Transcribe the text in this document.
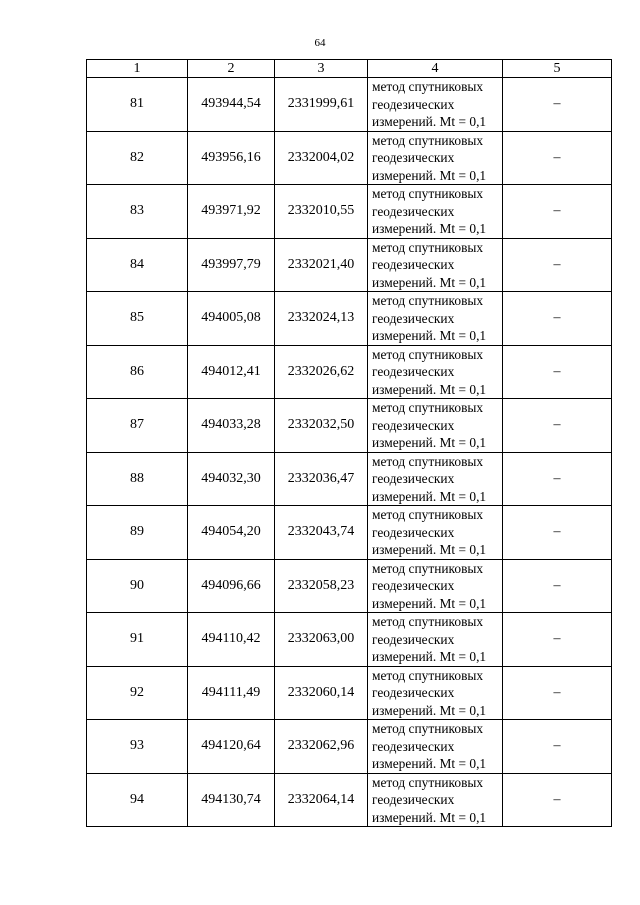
64
1	2	3	4	5
81	493944,54	2331999,61	метод спутниковых
геодезических
измерений. Mt = 0,1	–
82	493956,16	2332004,02	метод спутниковых
геодезических
измерений. Mt = 0,1	–
83	493971,92	2332010,55	метод спутниковых
геодезических
измерений. Mt = 0,1	–
84	493997,79	2332021,40	метод спутниковых
геодезических
измерений. Mt = 0,1	–
85	494005,08	2332024,13	метод спутниковых
геодезических
измерений. Mt = 0,1	–
86	494012,41	2332026,62	метод спутниковых
геодезических
измерений. Mt = 0,1	–
87	494033,28	2332032,50	метод спутниковых
геодезических
измерений. Mt = 0,1	–
88	494032,30	2332036,47	метод спутниковых
геодезических
измерений. Mt = 0,1	–
89	494054,20	2332043,74	метод спутниковых
геодезических
измерений. Mt = 0,1	–
90	494096,66	2332058,23	метод спутниковых
геодезических
измерений. Mt = 0,1	–
91	494110,42	2332063,00	метод спутниковых
геодезических
измерений. Mt = 0,1	–
92	494111,49	2332060,14	метод спутниковых
геодезических
измерений. Mt = 0,1	–
93	494120,64	2332062,96	метод спутниковых
геодезических
измерений. Mt = 0,1	–
94	494130,74	2332064,14	метод спутниковых
геодезических
измерений. Mt = 0,1	–
